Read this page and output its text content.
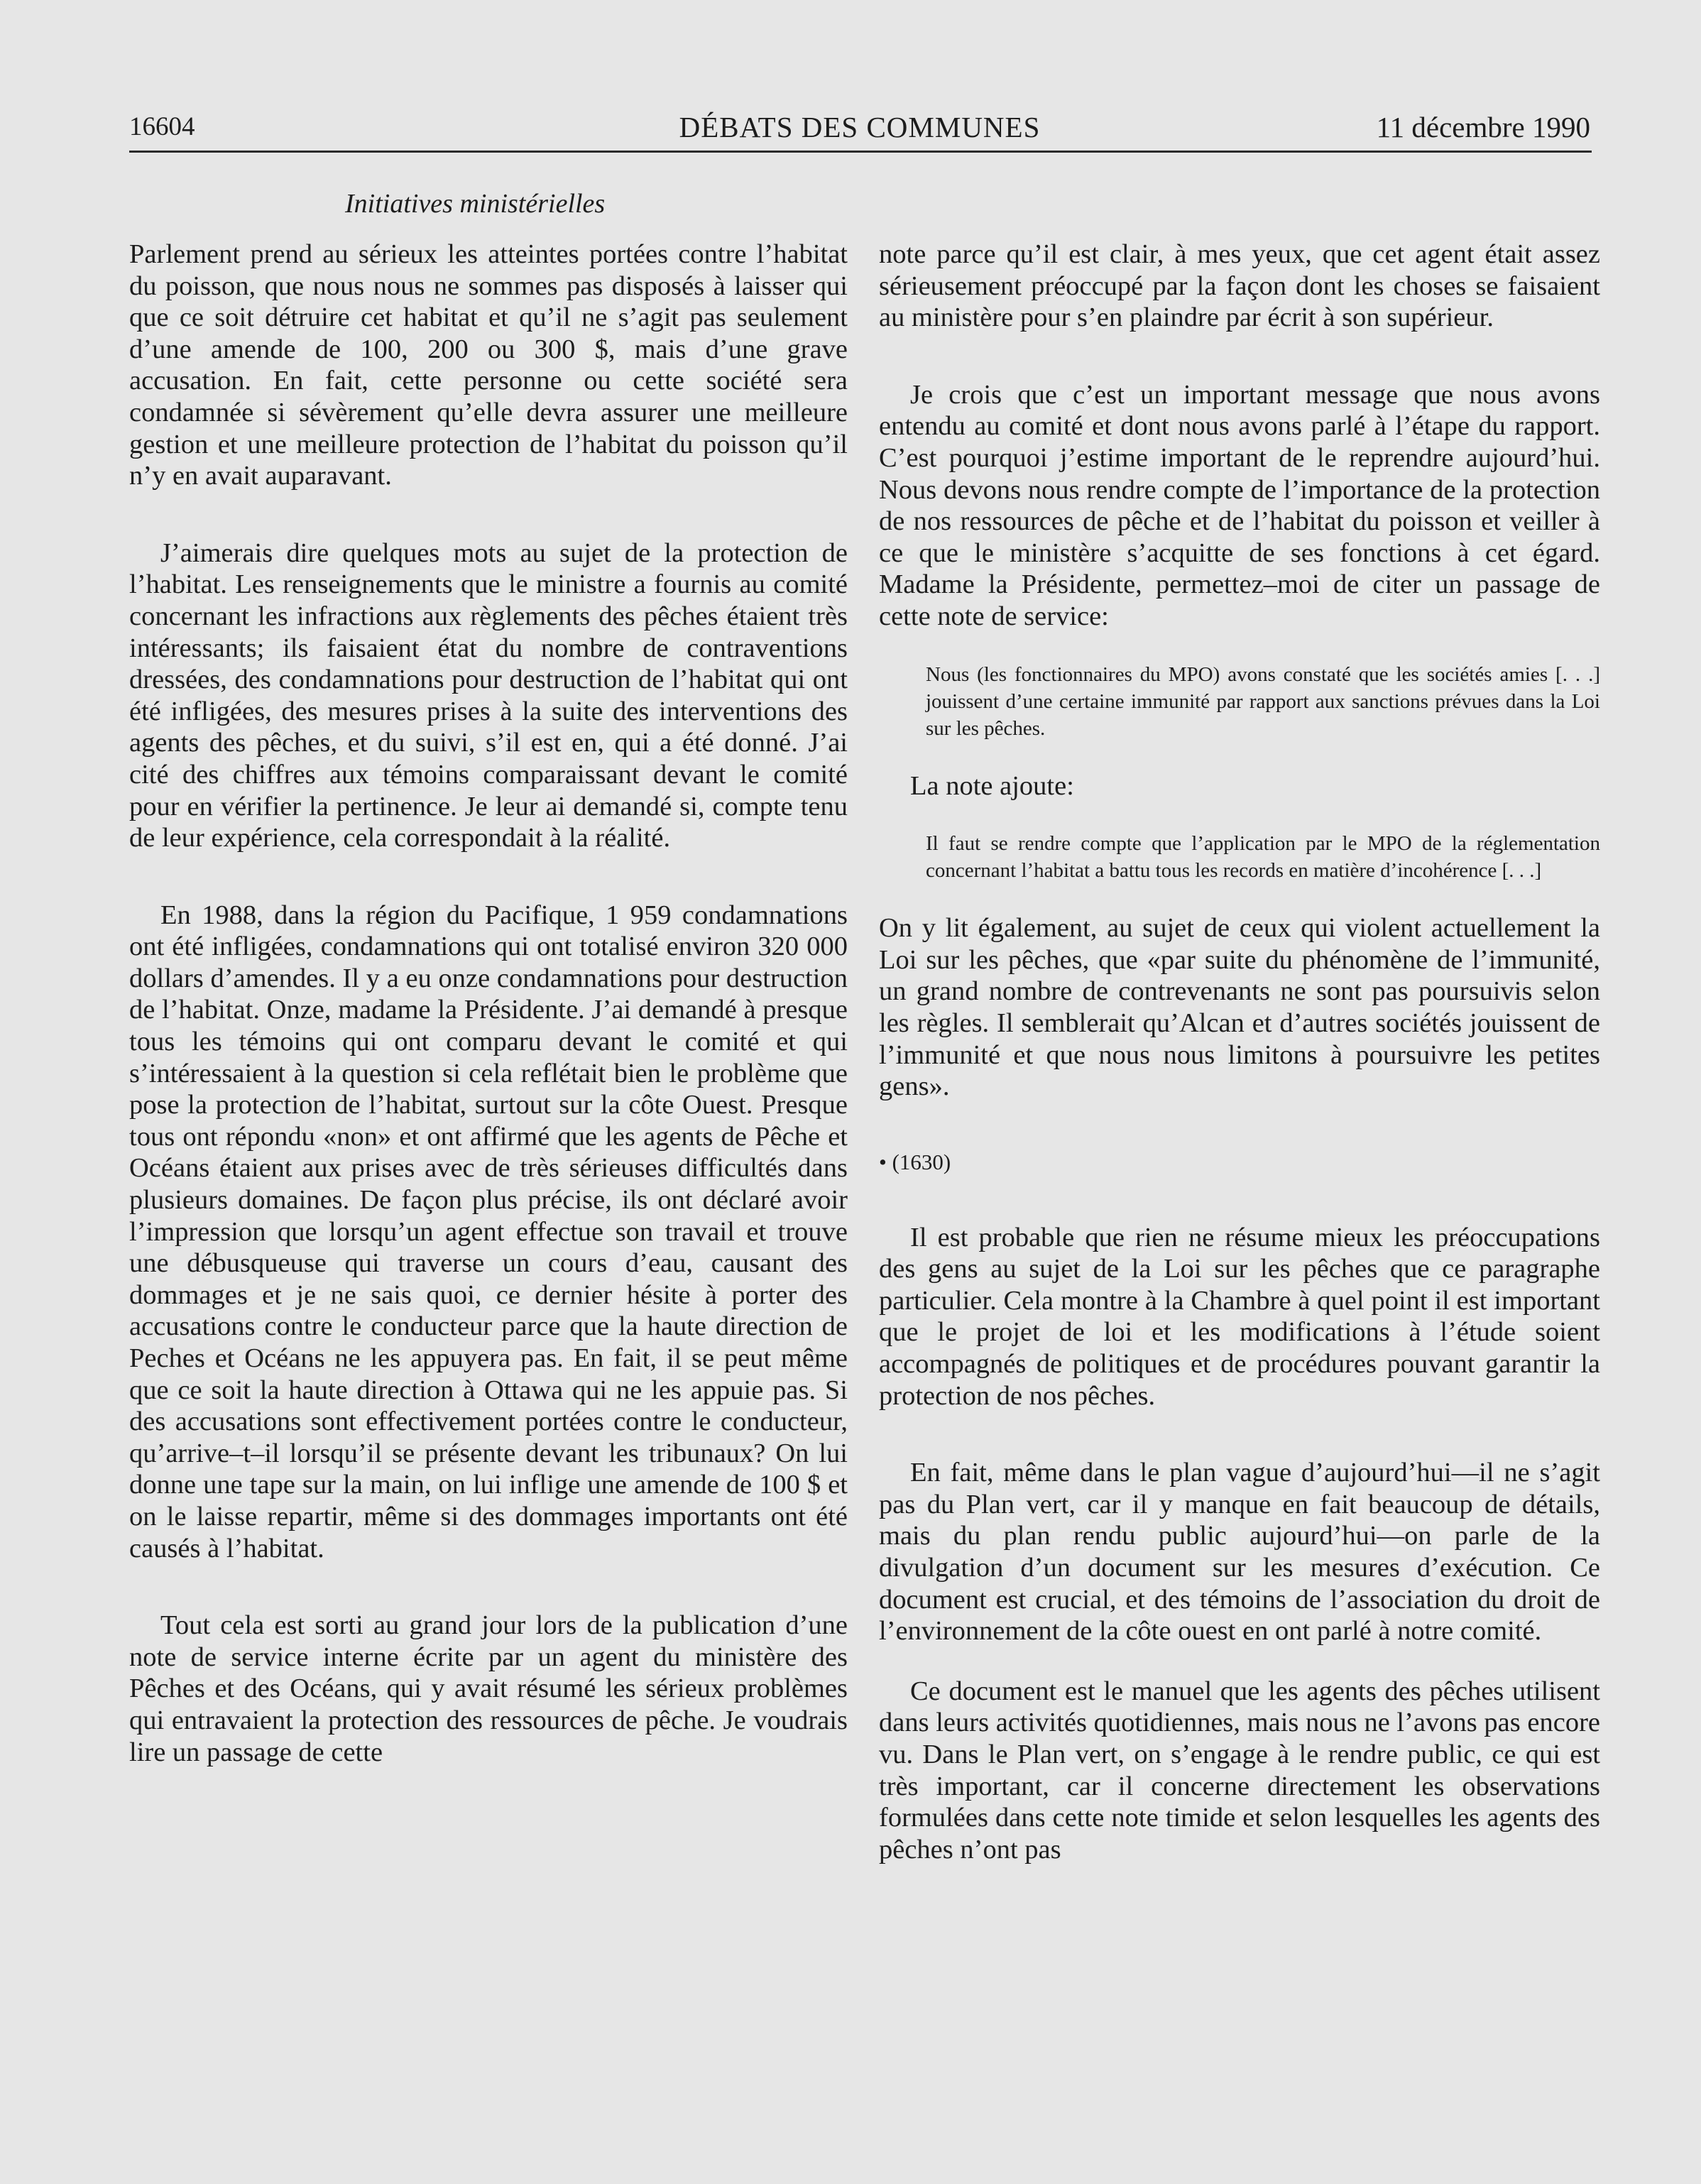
16604	DÉBATS DES COMMUNES	11 décembre 1990
Initiatives ministérielles

Parlement prend au sérieux les atteintes portées contre l’habitat du poisson, que nous nous ne sommes pas disposés à laisser qui que ce soit détruire cet habitat et qu’il ne s’agit pas seulement d’une amende de 100, 200 ou 300 $, mais d’une grave accusation. En fait, cette personne ou cette société sera condamnée si sévèrement qu’elle devra assurer une meilleure gestion et une meilleure protection de l’habitat du poisson qu’il n’y en avait auparavant.

J’aimerais dire quelques mots au sujet de la protection de l’habitat. Les renseignements que le ministre a fournis au comité concernant les infractions aux règlements des pêches étaient très intéressants; ils faisaient état du nombre de contraventions dressées, des condamnations pour destruction de l’habitat qui ont été infligées, des mesures prises à la suite des interventions des agents des pêches, et du suivi, s’il est en, qui a été donné. J’ai cité des chiffres aux témoins comparaissant devant le comité pour en vérifier la pertinence. Je leur ai demandé si, compte tenu de leur expérience, cela correspondait à la réalité.

En 1988, dans la région du Pacifique, 1 959 condamnations ont été infligées, condamnations qui ont totalisé environ 320 000 dollars d’amendes. Il y a eu onze condamnations pour destruction de l’habitat. Onze, madame la Présidente. J’ai demandé à presque tous les témoins qui ont comparu devant le comité et qui s’intéressaient à la question si cela reflétait bien le problème que pose la protection de l’habitat, surtout sur la côte Ouest. Presque tous ont répondu «non» et ont affirmé que les agents de Pêche et Océans étaient aux prises avec de très sérieuses difficultés dans plusieurs domaines. De façon plus précise, ils ont déclaré avoir l’impression que lorsqu’un agent effectue son travail et trouve une débusqueuse qui traverse un cours d’eau, causant des dommages et je ne sais quoi, ce dernier hésite à porter des accusations contre le conducteur parce que la haute direction de Peches et Océans ne les appuyera pas. En fait, il se peut même que ce soit la haute direction à Ottawa qui ne les appuie pas. Si des accusations sont effectivement portées contre le conducteur, qu’arrive–t–il lorsqu’il se présente devant les tribunaux? On lui donne une tape sur la main, on lui inflige une amende de 100 $ et on le laisse repartir, même si des dommages importants ont été causés à l’habitat.

Tout cela est sorti au grand jour lors de la publication d’une note de service interne écrite par un agent du ministère des Pêches et des Océans, qui y avait résumé les sérieux problèmes qui entravaient la protection des ressources de pêche. Je voudrais lire un passage de cette

note parce qu’il est clair, à mes yeux, que cet agent était assez sérieusement préoccupé par la façon dont les choses se faisaient au ministère pour s’en plaindre par écrit à son supérieur.

Je crois que c’est un important message que nous avons entendu au comité et dont nous avons parlé à l’étape du rapport. C’est pourquoi j’estime important de le reprendre aujourd’hui. Nous devons nous rendre compte de l’importance de la protection de nos ressources de pêche et de l’habitat du poisson et veiller à ce que le ministère s’acquitte de ses fonctions à cet égard. Madame la Présidente, permettez–moi de citer un passage de cette note de service:

Nous (les fonctionnaires du MPO) avons constaté que les sociétés amies [. . .] jouissent d’une certaine immunité par rapport aux sanctions prévues dans la Loi sur les pêches.

La note ajoute:

Il faut se rendre compte que l’application par le MPO de la réglementation concernant l’habitat a battu tous les records en matière d’incohérence [. . .]

On y lit également, au sujet de ceux qui violent actuellement la Loi sur les pêches, que «par suite du phénomène de l’immunité, un grand nombre de contrevenants ne sont pas poursuivis selon les règles. Il semblerait qu’Alcan et d’autres sociétés jouissent de l’immunité et que nous nous limitons à poursuivre les petites gens».

• (1630)

Il est probable que rien ne résume mieux les préoccupations des gens au sujet de la Loi sur les pêches que ce paragraphe particulier. Cela montre à la Chambre à quel point il est important que le projet de loi et les modifications à l’étude soient accompagnés de politiques et de procédures pouvant garantir la protection de nos pêches.

En fait, même dans le plan vague d’aujourd’hui—il ne s’agit pas du Plan vert, car il y manque en fait beaucoup de détails, mais du plan rendu public aujourd’hui—on parle de la divulgation d’un document sur les mesures d’exécution. Ce document est crucial, et des témoins de l’association du droit de l’environnement de la côte ouest en ont parlé à notre comité.

Ce document est le manuel que les agents des pêches utilisent dans leurs activités quotidiennes, mais nous ne l’avons pas encore vu. Dans le Plan vert, on s’engage à le rendre public, ce qui est très important, car il concerne directement les observations formulées dans cette note timide et selon lesquelles les agents des pêches n’ont pas
